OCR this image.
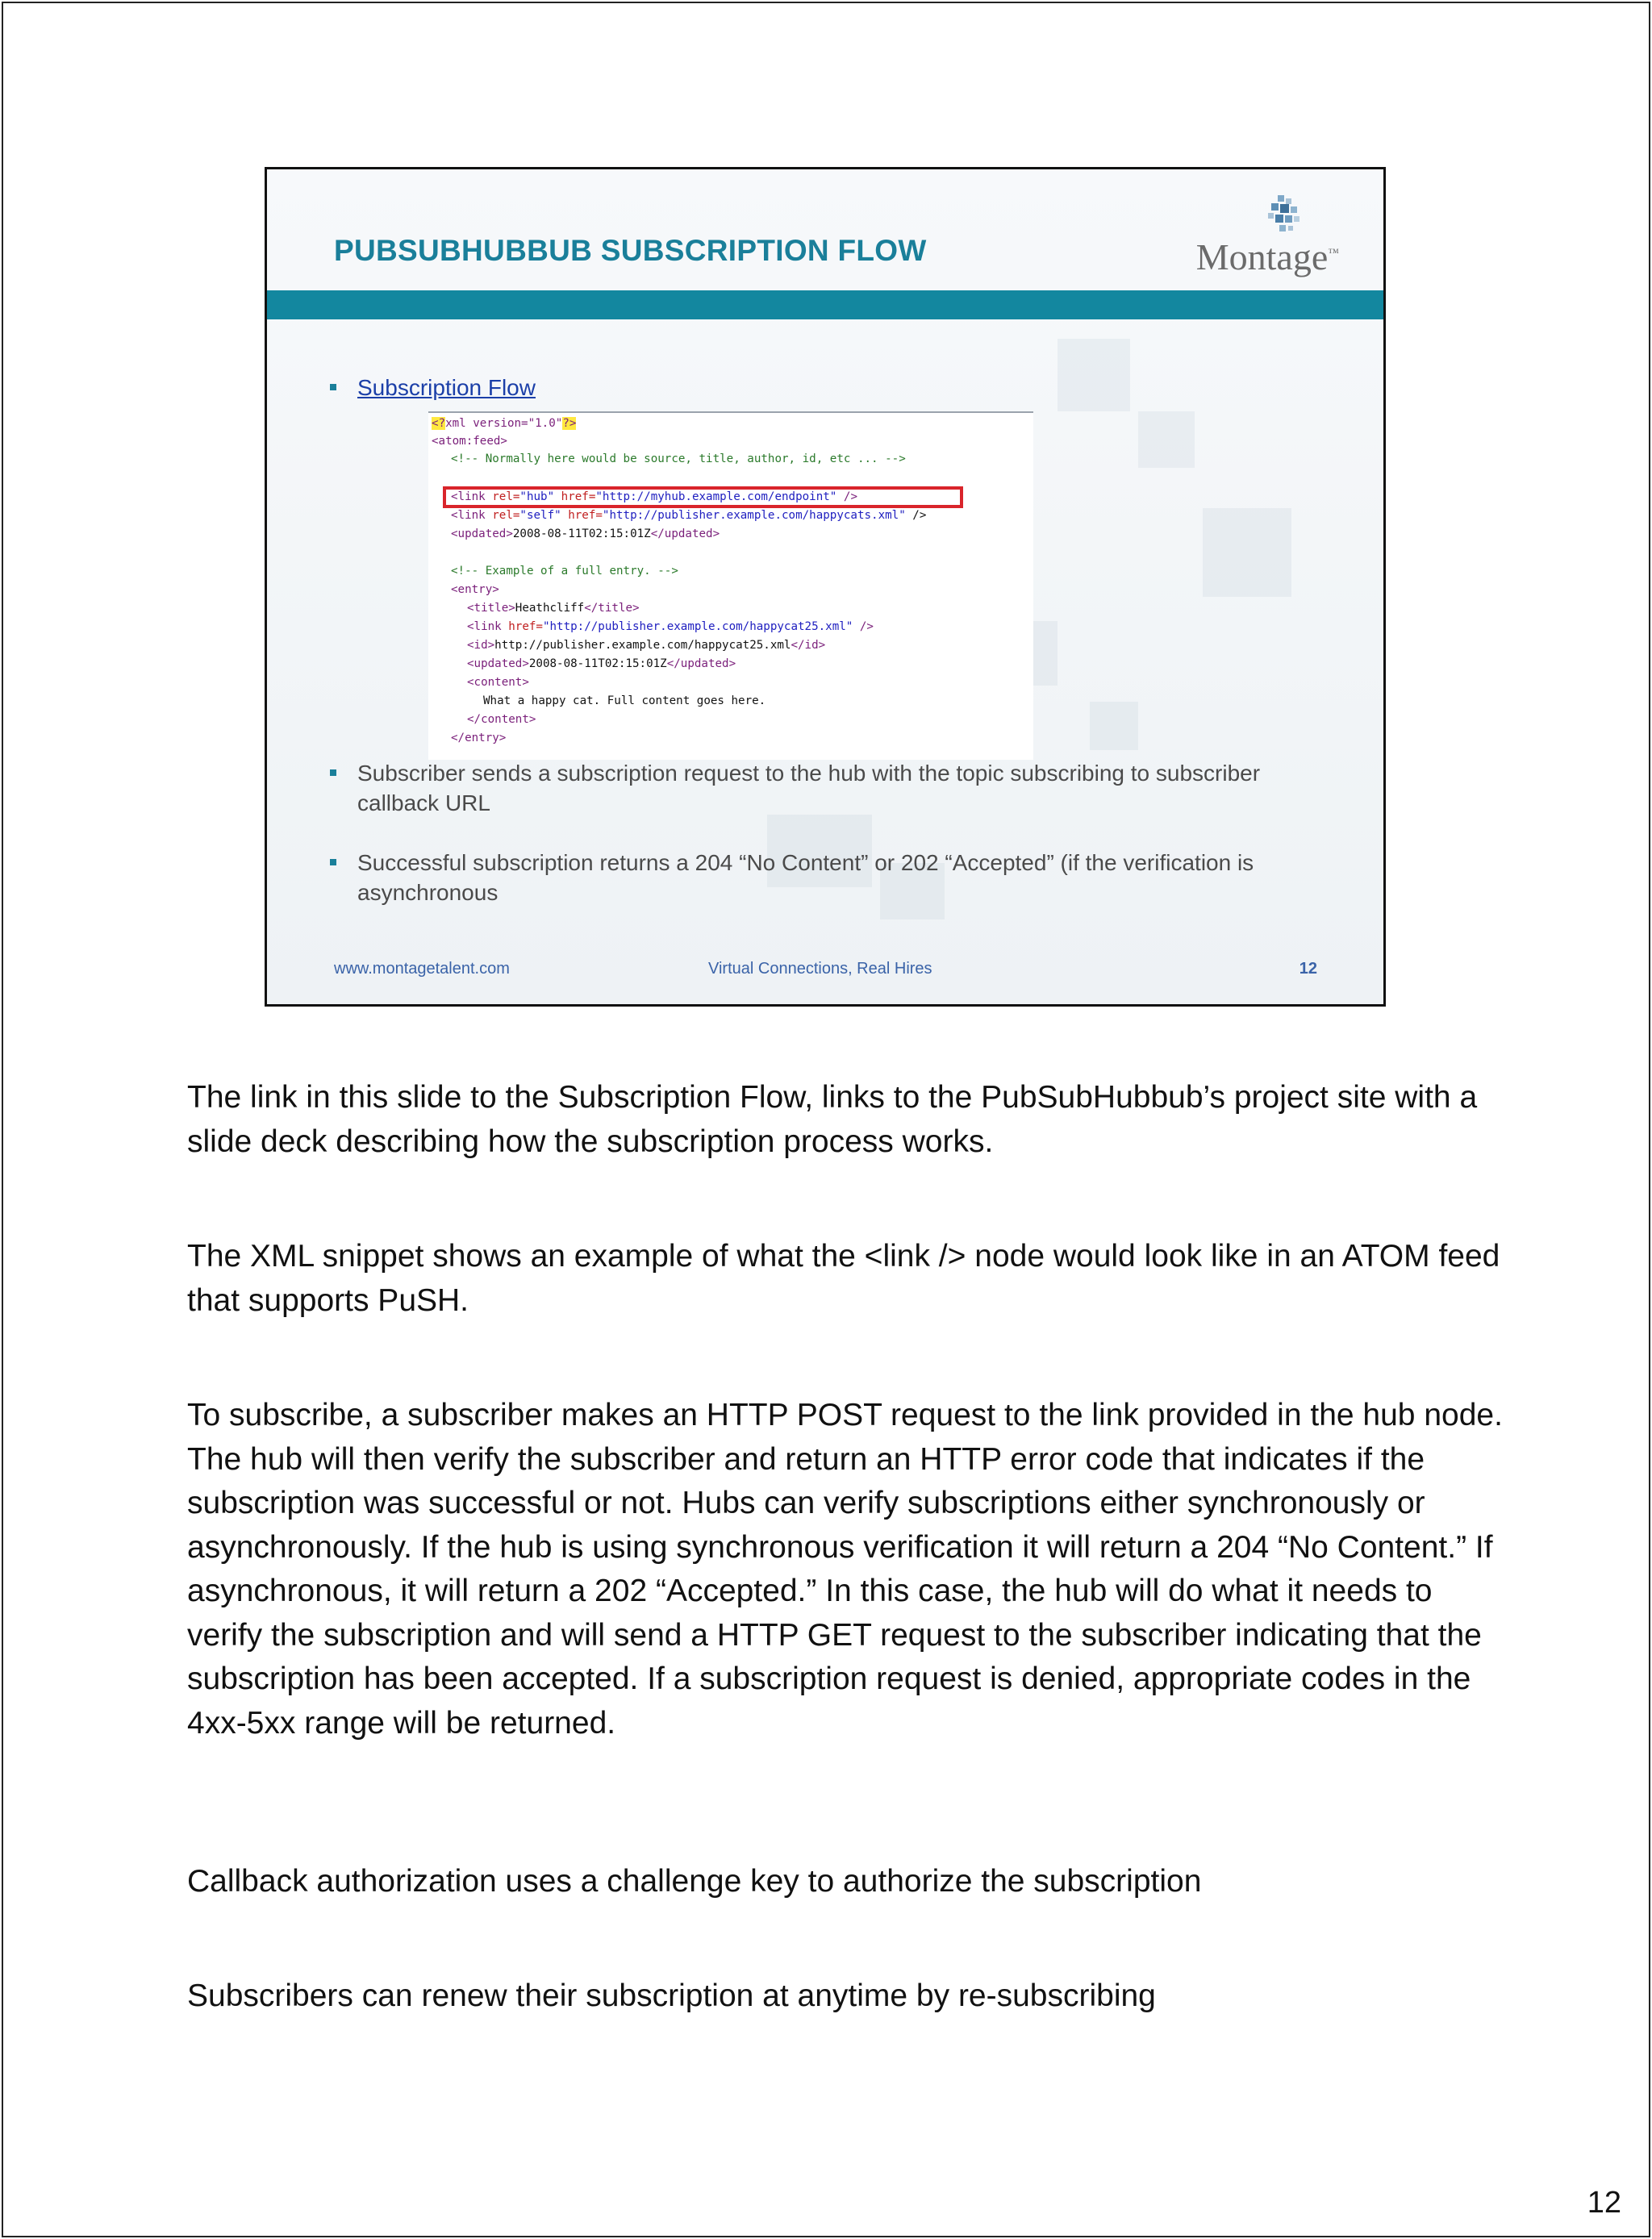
PUBSUBHUBBUB SUBSCRIPTION FLOW	Montage™
Subscription Flow
<?xml version="1.0"?>
<atom:feed>
<!-- Normally here would be source, title, author, id, etc ... -->
<link rel="hub" href="http://myhub.example.com/endpoint" />
<link rel="self" href="http://publisher.example.com/happycats.xml" />
<updated>2008-08-11T02:15:01Z</updated>
<!-- Example of a full entry. -->
<entry>
<title>Heathcliff</title>
<link href="http://publisher.example.com/happycat25.xml" />
<id>http://publisher.example.com/happycat25.xml</id>
<updated>2008-08-11T02:15:01Z</updated>
<content>
What a happy cat. Full content goes here.
</content>
</entry>
Subscriber sends a subscription request to the hub with the topic subscribing to subscriber callback URL
Successful subscription returns a 204 “No Content” or 202 “Accepted” (if the verification is asynchronous
www.montagetalent.com	Virtual Connections, Real Hires	12
The link in this slide to the Subscription Flow, links to the PubSubHubbub’s project site with a slide deck describing how the subscription process works.
The XML snippet shows an example of what the <link /> node would look like in an ATOM feed that supports PuSH.
To subscribe, a subscriber makes an HTTP POST request to the link provided in the hub node. The hub will then verify the subscriber and return an HTTP error code that indicates if the subscription was successful or not. Hubs can verify subscriptions either synchronously or asynchronously. If the hub is using synchronous verification it will return a 204 “No Content.” If asynchronous, it will return a 202 “Accepted.” In this case, the hub will do what it needs to verify the subscription and will send a HTTP GET request to the subscriber indicating that the subscription has been accepted. If a subscription request is denied, appropriate codes in the 4xx-5xx range will be returned.
Callback authorization uses a challenge key to authorize the subscription
Subscribers can renew their subscription at anytime by re-subscribing
12
